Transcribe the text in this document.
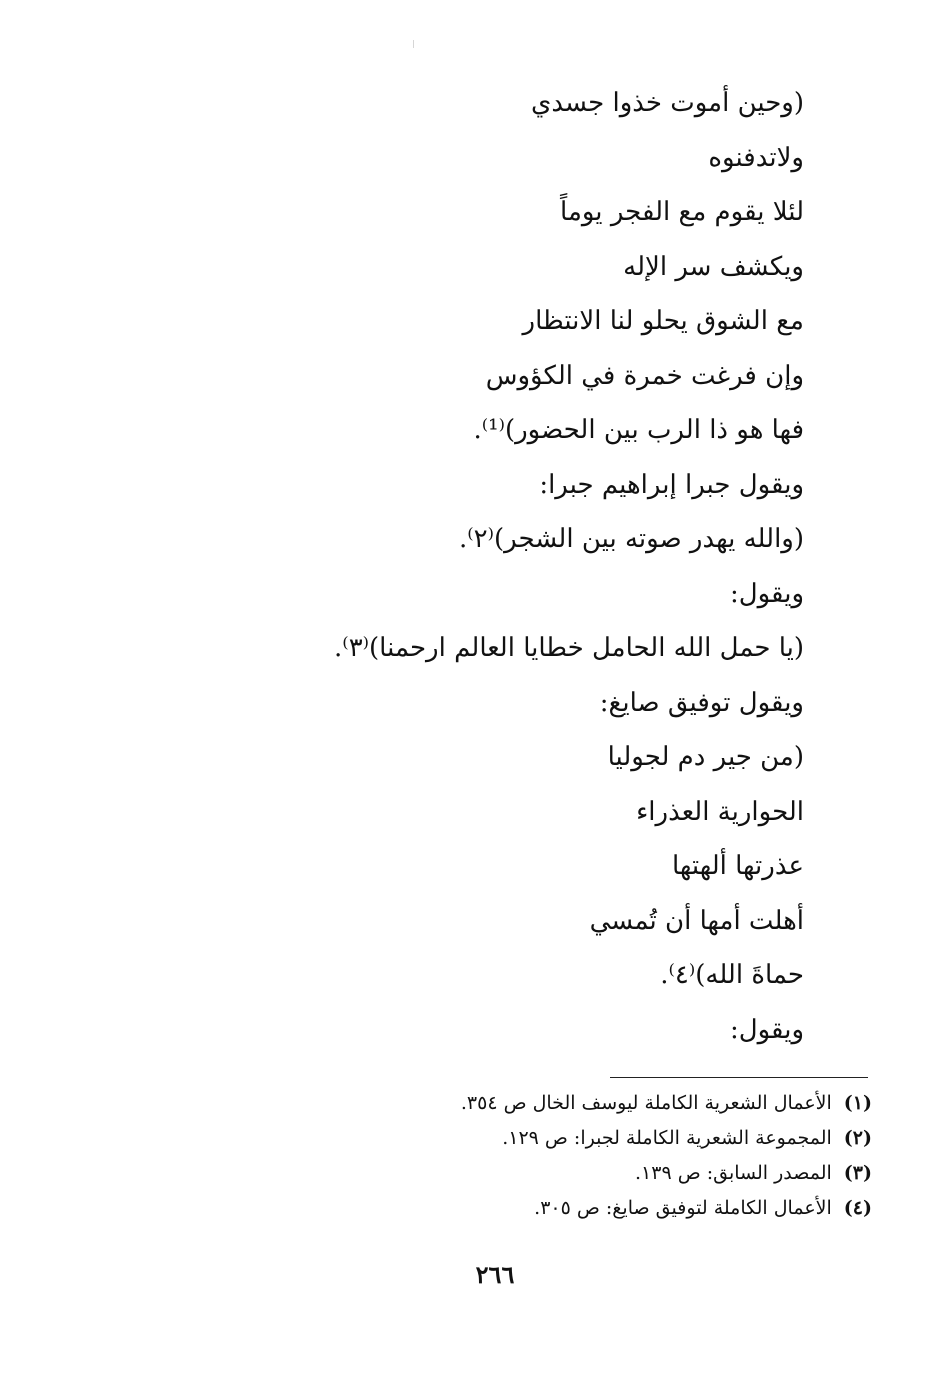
(وحين أموت خذوا جسدي
ولاتدفنوه
لئلا يقوم مع الفجر يوماً
ويكشف سر الإله
مع الشوق يحلو لنا الانتظار
وإن فرغت خمرة في الكؤوس
فها هو ذا الرب بين الحضور)⁽¹⁾.
ويقول جبرا إبراهيم جبرا:
(والله يهدر صوته بين الشجر)⁽٢⁾.
ويقول:
(يا حمل الله الحامل خطايا العالم ارحمنا)⁽٣⁾.
ويقول توفيق صايغ:
(من جير دم لجوليا
الحوارية العذراء
عذرتها ألهتها
أهلت أمها أن تُمسي
حماةَ الله)⁽٤⁾.
ويقول:
(١)الأعمال الشعرية الكاملة ليوسف الخال ص ٣٥٤.
(٢)المجموعة الشعرية الكاملة لجبرا: ص ١٢٩.
(٣)المصدر السابق: ص ١٣٩.
(٤)الأعمال الكاملة لتوفيق صايغ: ص ٣٠٥.
٢٦٦
